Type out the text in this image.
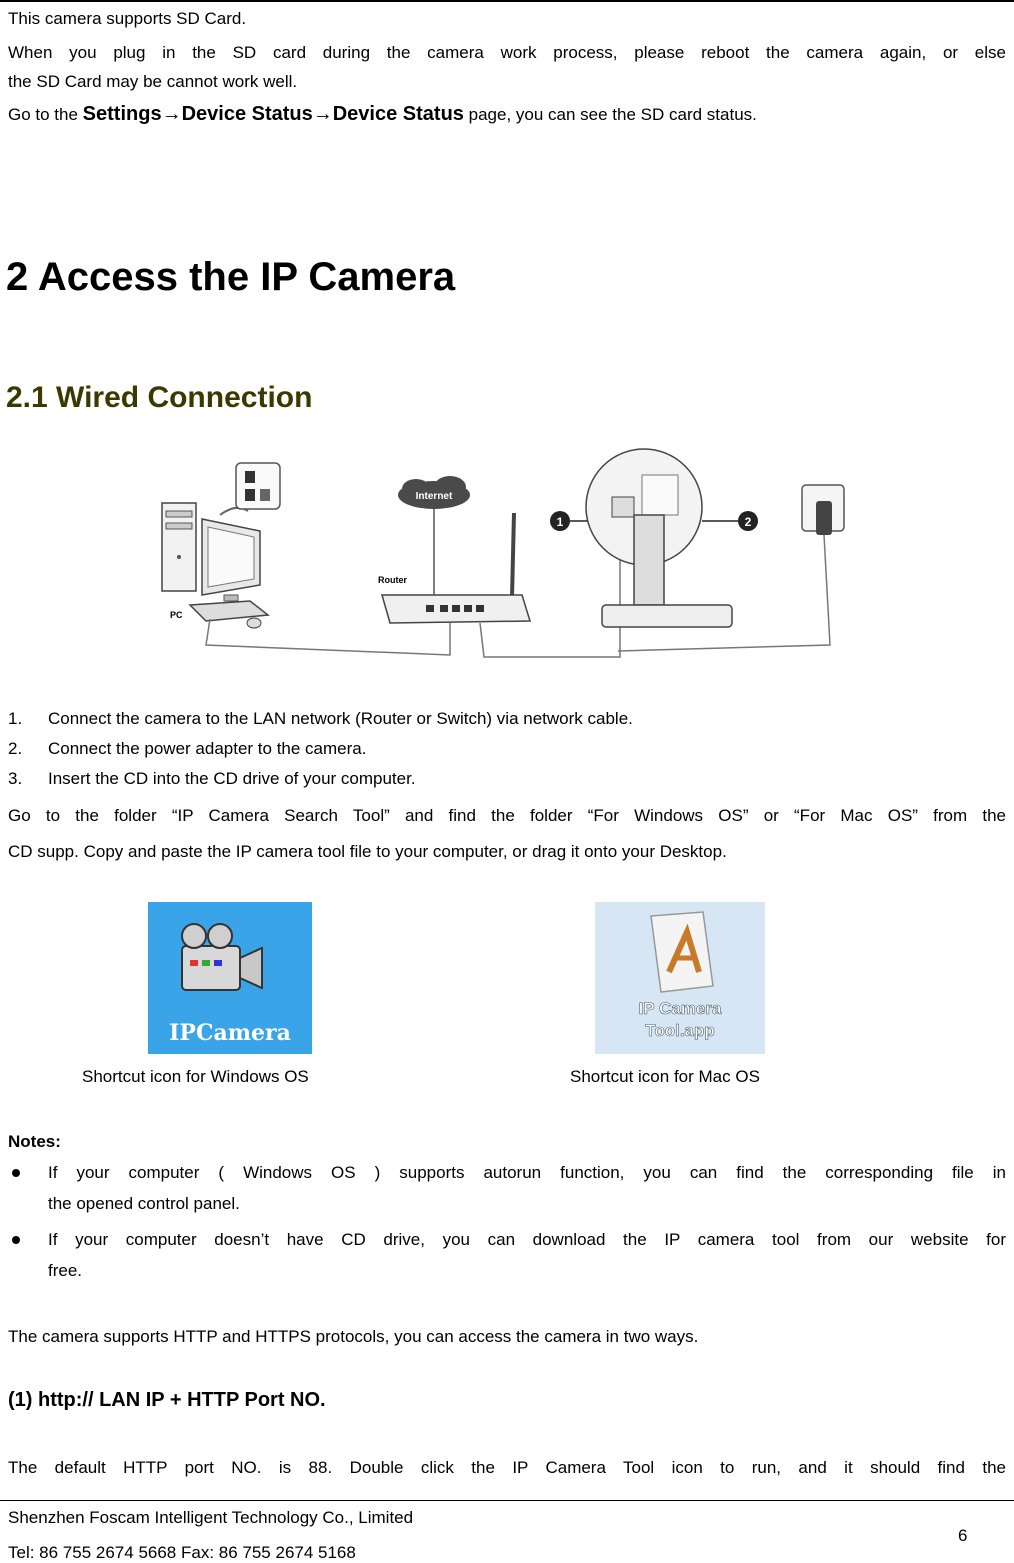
This camera supports SD Card.
When you plug in the SD card during the camera work process, please reboot the camera again, or else
the SD Card may be cannot work well.
Go to the Settings→Device Status→Device Status page, you can see the SD card status.
2 Access the IP Camera
2.1 Wired Connection
PC
Internet
Router
1	2
1. Connect the camera to the LAN network (Router or Switch) via network cable.
2. Connect the power adapter to the camera.
3. Insert the CD into the CD drive of your computer.
Go to the folder “IP Camera Search Tool” and find the folder “For Windows OS” or “For Mac OS” from the
CD supp. Copy and paste the IP camera tool file to your computer, or drag it onto your Desktop.
IPCamera
IP Camera
Tool.app
Shortcut icon for Windows OS	Shortcut icon for Mac OS
Notes:
If your computer ( Windows OS ) supports autorun function, you can find the corresponding file in
the opened control panel.
If your computer doesn’t have CD drive, you can download the IP camera tool from our website for
free.
The camera supports HTTP and HTTPS protocols, you can access the camera in two ways.
(1) http:// LAN IP + HTTP Port NO.
The default HTTP port NO. is 88. Double click the IP Camera Tool icon to run, and it should find the
Shenzhen Foscam Intelligent Technology Co., Limited
Tel: 86 755 2674 5668 Fax: 86 755 2674 5168
6
